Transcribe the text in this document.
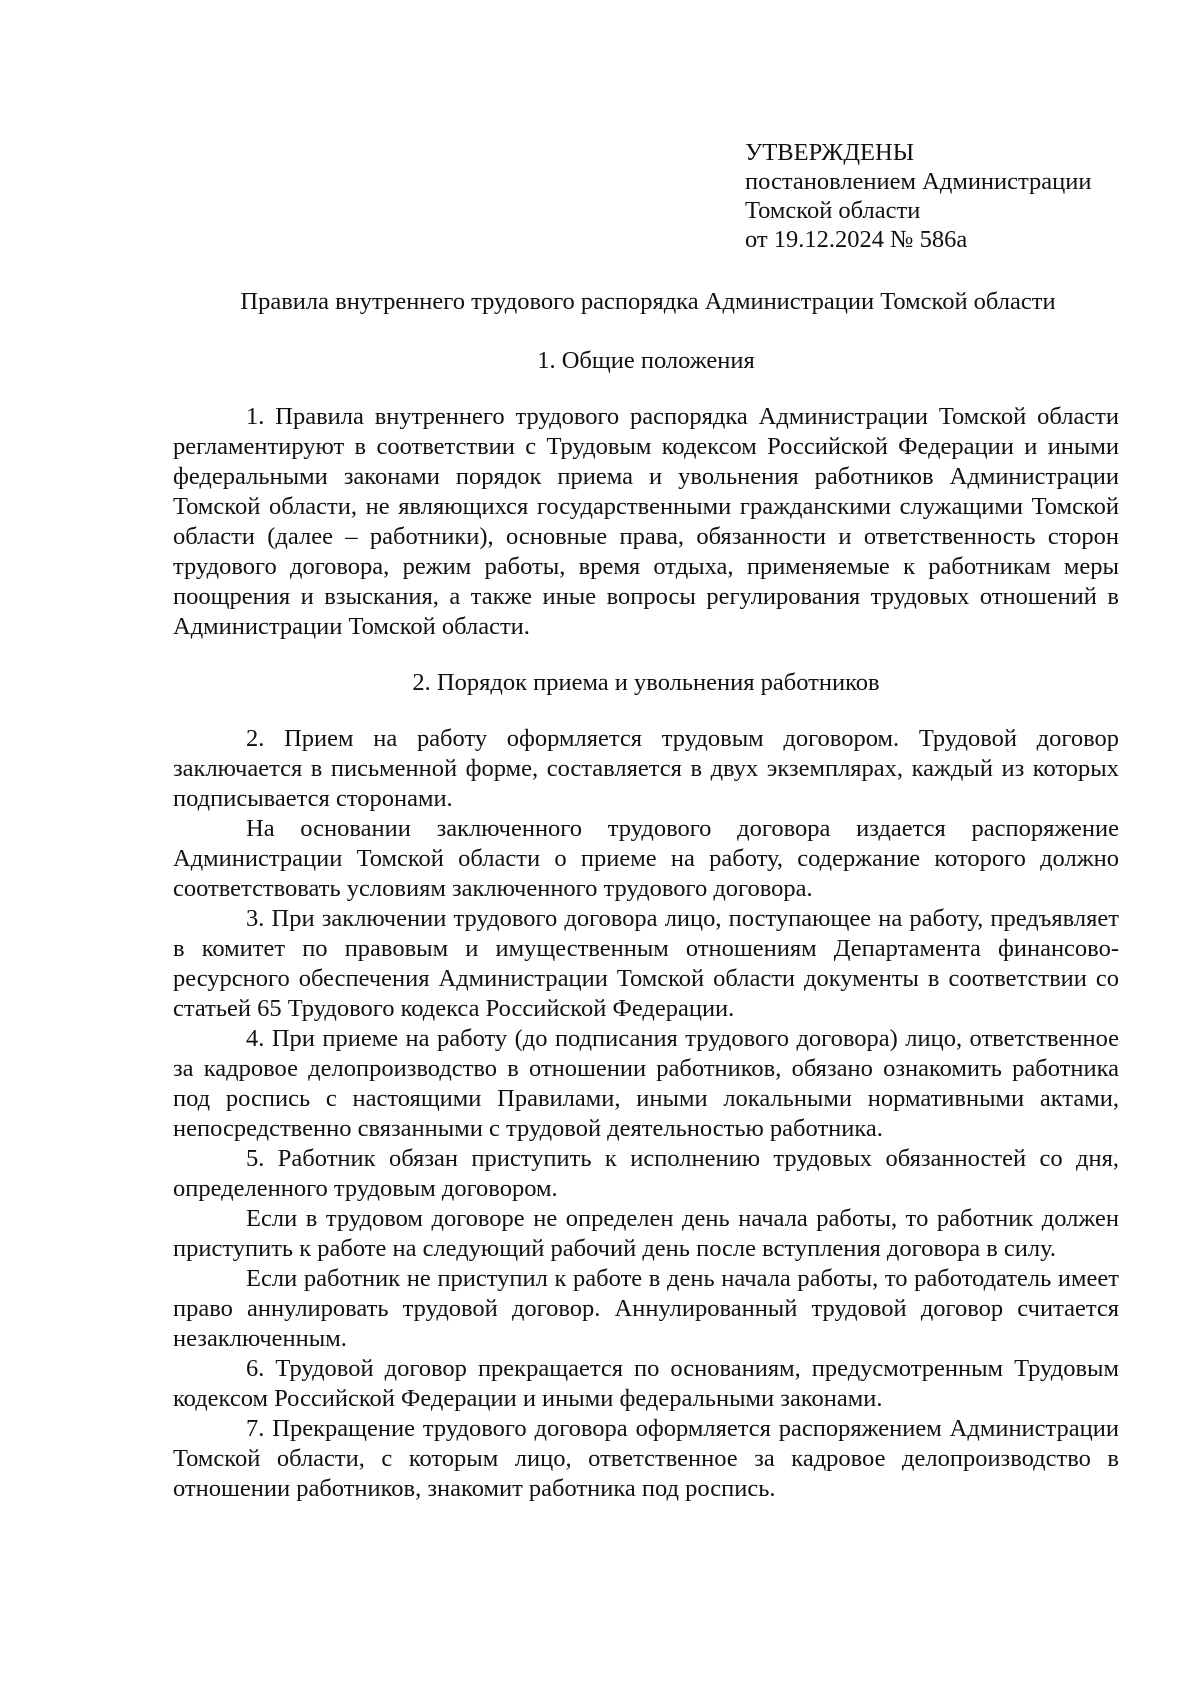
УТВЕРЖДЕНЫ
постановлением Администрации
Томской области
от 19.12.2024 № 586а
Правила внутреннего трудового распорядка Администрации Томской области
1. Общие положения

1. Правила внутреннего трудового распорядка Администрации Томской области регламентируют в соответствии с Трудовым кодексом Российской Федерации и иными федеральными законами порядок приема и увольнения работников Администрации Томской области, не являющихся государственными гражданскими служащими Томской области (далее – работники), основные права, обязанности и ответственность сторон трудового договора, режим работы, время отдыха, применяемые к работникам меры поощрения и взыскания, а также иные вопросы регулирования трудовых отношений в Администрации Томской области.

2. Порядок приема и увольнения работников

2. Прием на работу оформляется трудовым договором. Трудовой договор заключается в письменной форме, составляется в двух экземплярах, каждый из которых подписывается сторонами.

На основании заключенного трудового договора издается распоряжение Администрации Томской области о приеме на работу, содержание которого должно соответствовать условиям заключенного трудового договора.

3. При заключении трудового договора лицо, поступающее на работу, предъявляет в комитет по правовым и имущественным отношениям Департамента финансово-ресурсного обеспечения Администрации Томской области документы в соответствии со статьей 65 Трудового кодекса Российской Федерации.

4. При приеме на работу (до подписания трудового договора) лицо, ответственное за кадровое делопроизводство в отношении работников, обязано ознакомить работника под роспись с настоящими Правилами, иными локальными нормативными актами, непосредственно связанными с трудовой деятельностью работника.

5. Работник обязан приступить к исполнению трудовых обязанностей со дня, определенного трудовым договором.

Если в трудовом договоре не определен день начала работы, то работник должен приступить к работе на следующий рабочий день после вступления договора в силу.

Если работник не приступил к работе в день начала работы, то работодатель имеет право аннулировать трудовой договор. Аннулированный трудовой договор считается незаключенным.

6. Трудовой договор прекращается по основаниям, предусмотренным Трудовым кодексом Российской Федерации и иными федеральными законами.

7. Прекращение трудового договора оформляется распоряжением Администрации Томской области, с которым лицо, ответственное за кадровое делопроизводство в отношении работников, знакомит работника под роспись.
